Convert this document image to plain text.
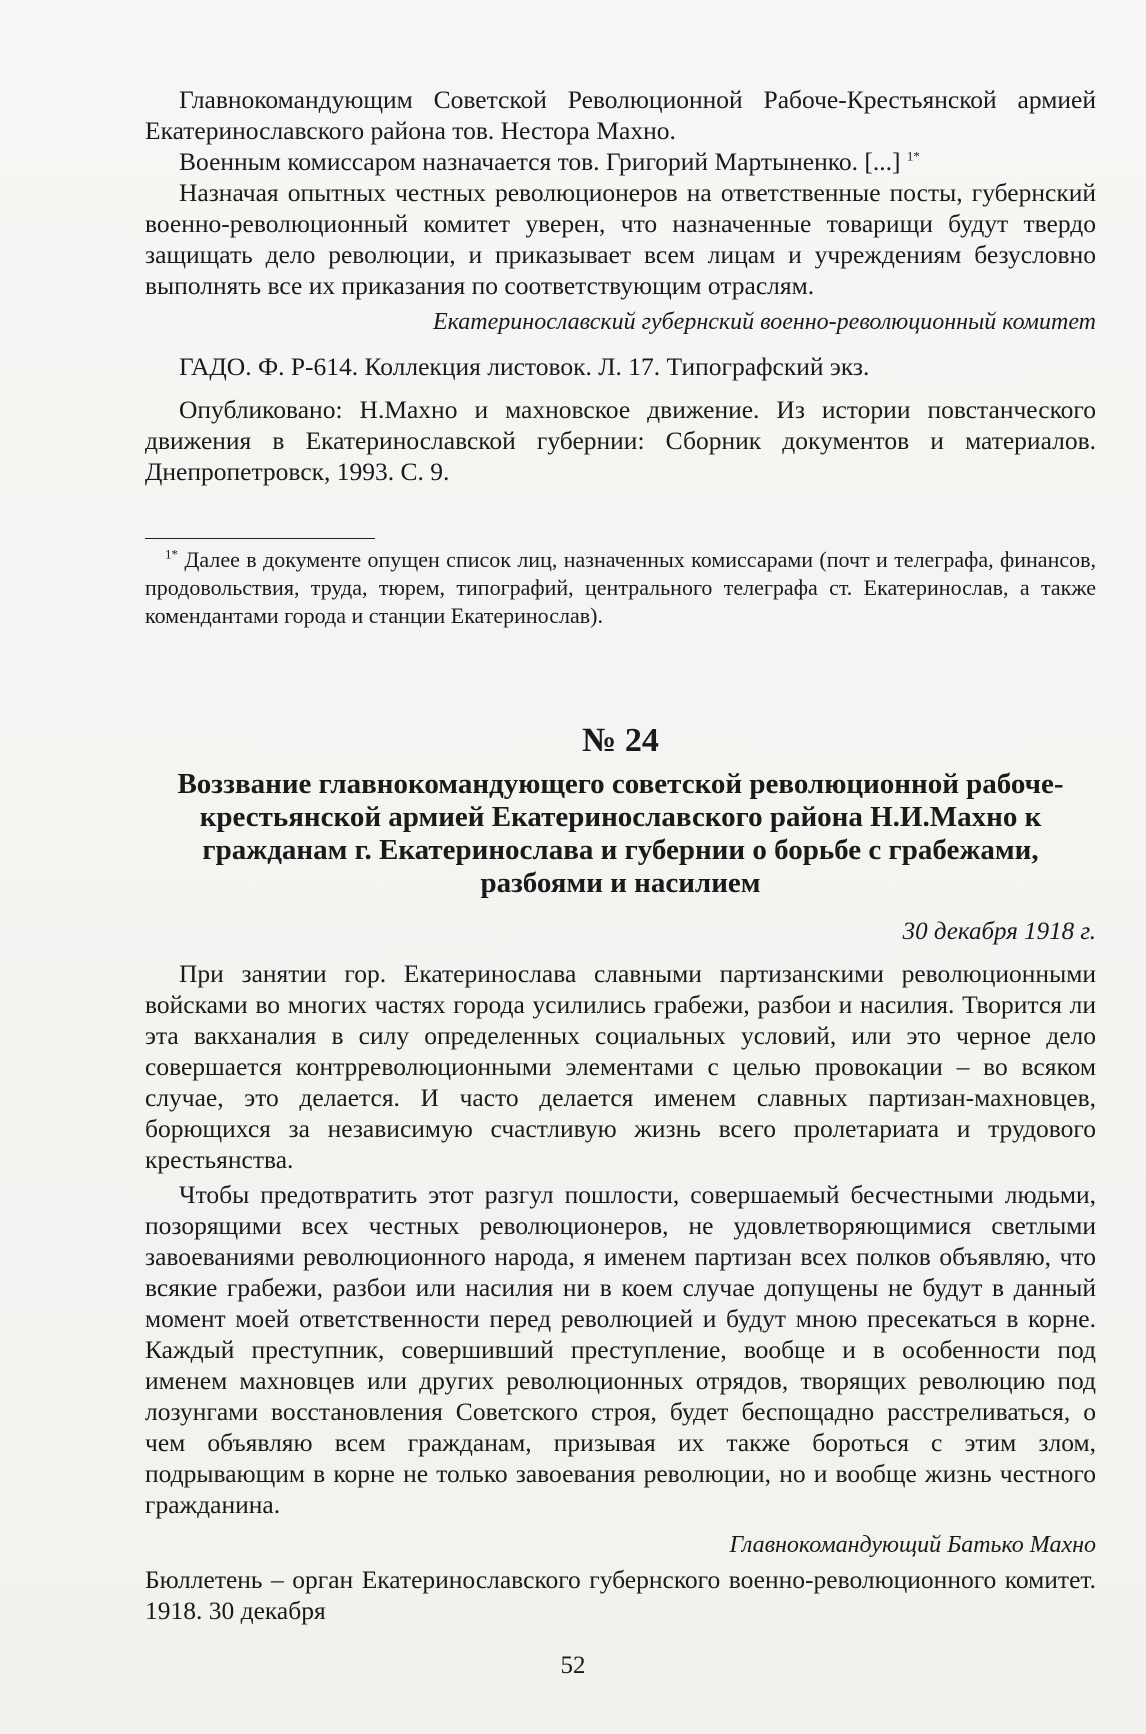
Главнокомандующим Советской Революционной Рабоче-Крестьянской армией Екатеринославского района тов. Нестора Махно.

Военным комиссаром назначается тов. Григорий Мартыненко. [...] $^{1*}$

Назначая опытных честных революционеров на ответственные посты, губернский военно-революционный комитет уверен, что назначенные товарищи будут твердо защищать дело революции, и приказывает всем лицам и учреждениям безусловно выполнять все их приказания по соответствующим отраслям.

Екатеринославский губернский военно-революционный комитет

ГАДО. Ф. Р-614. Коллекция листовок. Л. 17. Типографский экз.

Опубликовано: Н.Махно и махновское движение. Из истории повстанческого движения в Екатеринославской губернии: Сборник документов и материалов. Днепропетровск, 1993. С. 9.

$^{1*}$ Далее в документе опущен список лиц, назначенных комиссарами (почт и телеграфа, финансов, продовольствия, труда, тюрем, типографий, центрального телеграфа ст. Екатеринослав, а также комендантами города и станции Екатеринослав).

№ 24

Воззвание главнокомандующего советской революционной рабоче-крестьянской армией Екатеринославского района Н.И.Махно к гражданам г. Екатеринослава и губернии о борьбе с грабежами, разбоями и насилием

30 декабря 1918 г.

При занятии гор. Екатеринослава славными партизанскими революционными войсками во многих частях города усилились грабежи, разбои и насилия. Творится ли эта вакханалия в силу определенных социальных условий, или это черное дело совершается контрреволюционными элементами с целью провокации – во всяком случае, это делается. И часто делается именем славных партизан-махновцев, борющихся за независимую счастливую жизнь всего пролетариата и трудового крестьянства.

Чтобы предотвратить этот разгул пошлости, совершаемый бесчестными людьми, позорящими всех честных революционеров, не удовлетворяющимися светлыми завоеваниями революционного народа, я именем партизан всех полков объявляю, что всякие грабежи, разбои или насилия ни в коем случае допущены не будут в данный момент моей ответственности перед революцией и будут мною пресекаться в корне. Каждый преступник, совершивший преступление, вообще и в особенности под именем махновцев или других революционных отрядов, творящих революцию под лозунгами восстановления Советского строя, будет беспощадно расстреливаться, о чем объявляю всем гражданам, призывая их также бороться с этим злом, подрывающим в корне не только завоевания революции, но и вообще жизнь честного гражданина.

Главнокомандующий Батько Махно

Бюллетень – орган Екатеринославского губернского военно-революционного комитет. 1918. 30 декабря

52
